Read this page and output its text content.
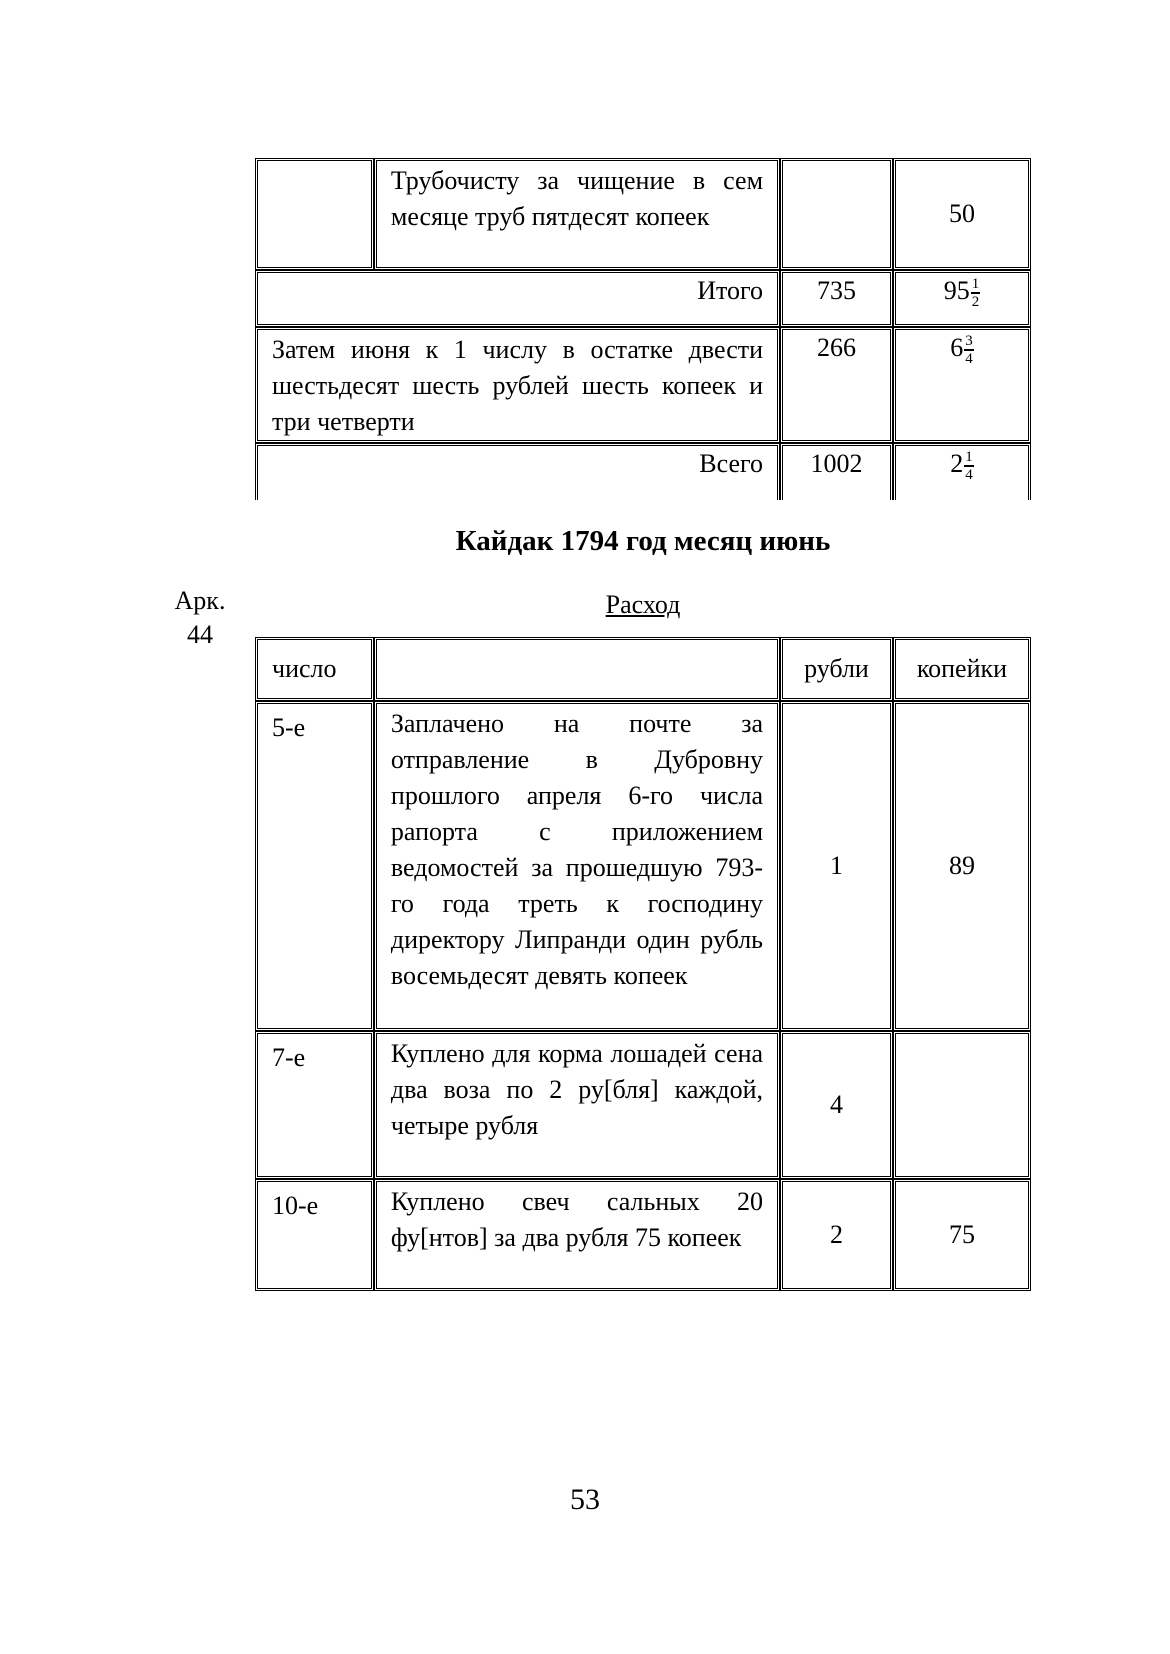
	Трубочисту за чищение в сем месяце труб пятдесят копеек		50
Итого		735	$95 \frac{1}{2}$

Затем июня к 1 числу в остатке двести шестьдесят шесть рублей шесть копеек и три четверти		266	$6 \frac{3}{4}$

Всего		1002	$2 \frac{1}{4}$
Кайдак 1794 год месяц июнь
Арк.
44
Расход
число		рубли	копейки
5-е	Заплачено на почте за отправление в Дубровну прошлого апреля 6-го числа рапорта с приложением ведомостей за прошедшую 793-го года треть к господину директору Липранди один рубль восемьдесят девять копеек	1	89
7-е	Куплено для корма лошадей сена два воза по 2 ру[бля] каждой, четыре рубля	4	
10-е	Куплено свеч сальных 20 фу[нтов] за два рубля 75 копеек	2	75
53
